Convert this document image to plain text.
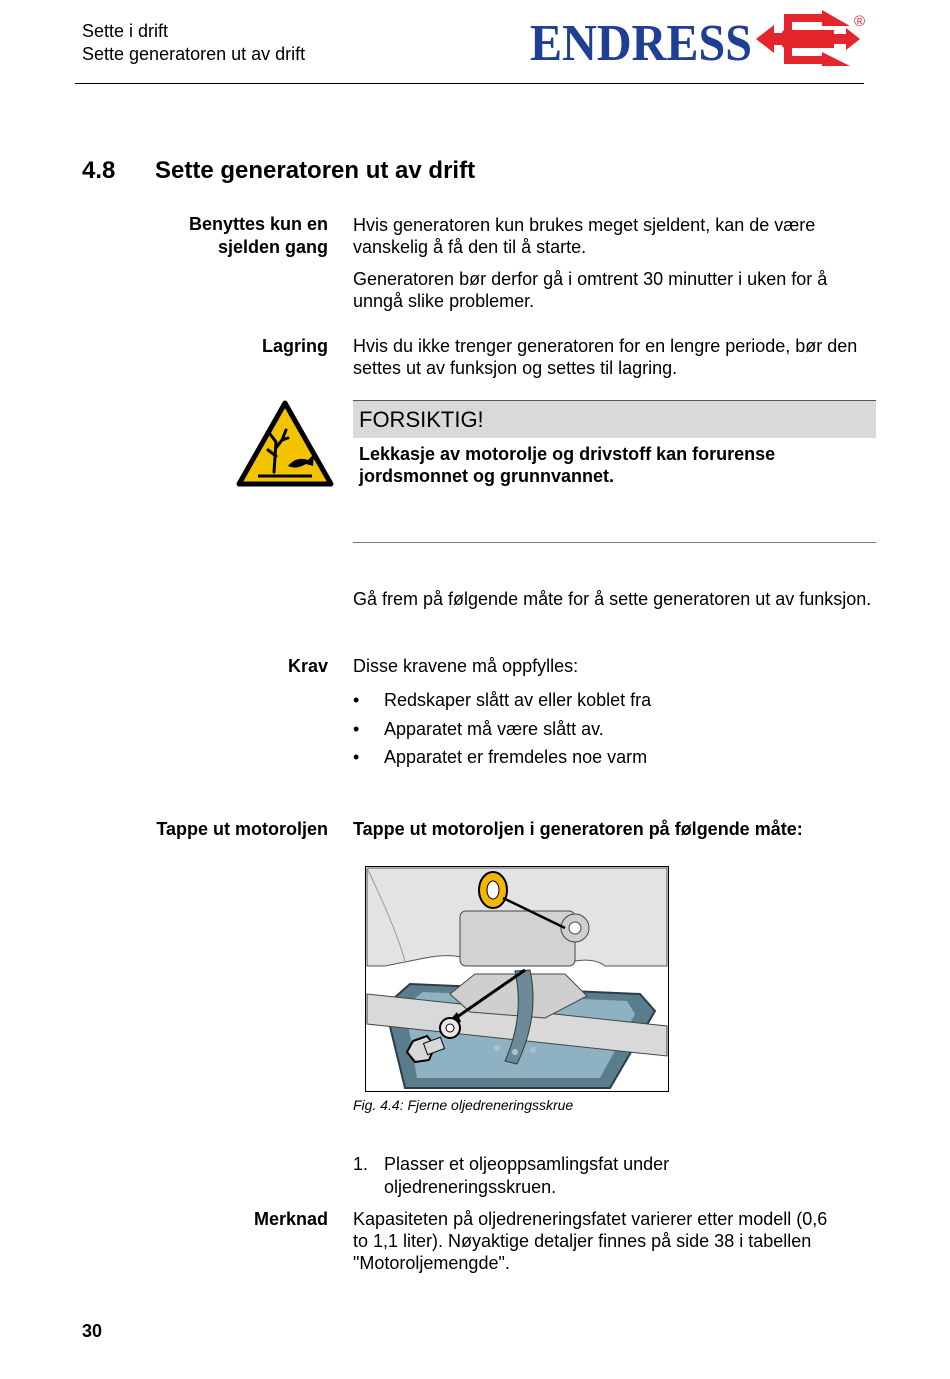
Sette i drift
Sette generatoren ut av drift	ENDRESS	®
4.8 Sette generatoren ut av drift
Benyttes kun en sjelden gang
Hvis generatoren kun brukes meget sjeldent, kan de være vanskelig å få den til å starte.
Generatoren bør derfor gå i omtrent 30 minutter i uken for å unngå slike problemer.
Lagring Hvis du ikke trenger generatoren for en lengre periode, bør den settes ut av funksjon og settes til lagring.
FORSIKTIG!
Lekkasje av motorolje og drivstoff kan forurense jordsmonnet og grunnvannet.
Gå frem på følgende måte for å sette generatoren ut av funksjon.
Krav Disse kravene må oppfylles:
• Redskaper slått av eller koblet fra
• Apparatet må være slått av.
• Apparatet er fremdeles noe varm
Tappe ut motoroljen Tappe ut motoroljen i generatoren på følgende måte:
Fig. 4.4: Fjerne oljedreneringsskrue
1. Plasser et oljeoppsamlingsfat under oljedreneringsskruen.
Merknad Kapasiteten på oljedreneringsfatet varierer etter modell (0,6 to 1,1 liter). Nøyaktige detaljer finnes på side 38 i tabellen "Motoroljemengde".
30
